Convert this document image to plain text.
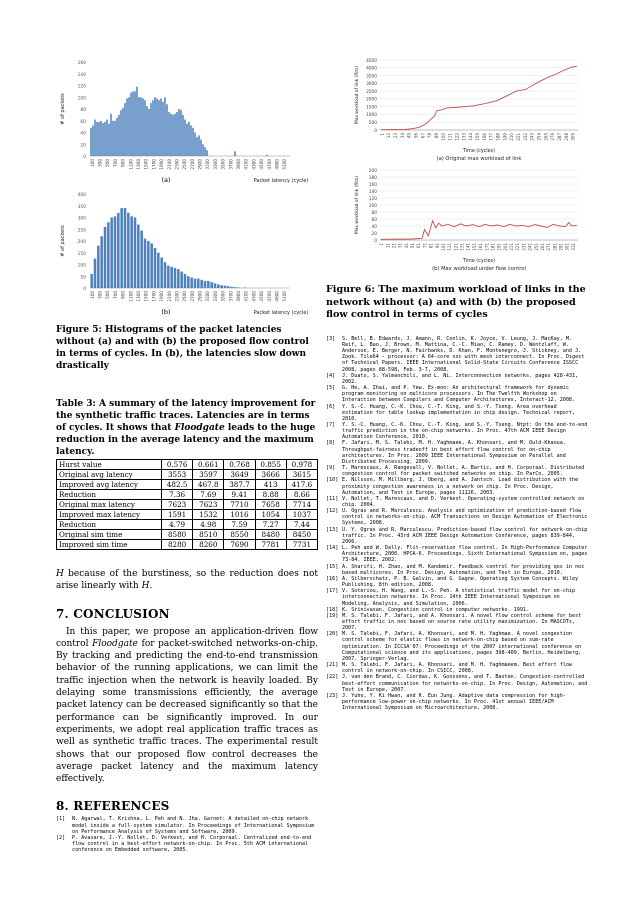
0
20
40
60
80
100
120
140
160
100 300 500 700 900 1100 1300 1500 1700 1900 2100 2300 2500 2700 2900 3100 3300 3500 3700 3900 4100 4300 4500 4700 4900 5100
# of packets
(a)	Packet latency (cycle)
0
50
100
150
200
250
300
350
400
100 300 500 700 900 1100 1300 1500 1700 1900 2100 2300 2500 2700 2900 3100 3300 3500 3700 3900 4100 4300 4500 4700 4900 5100
# of packets
(b)	Packet latency (cycle)

Figure 5: Histograms of the packet latencies without (a) and with (b) the proposed flow control in terms of cycles. In (b), the latencies slow down drastically

Table 3: A summary of the latency improvement for the synthetic traffic traces. Latencies are in terms of cycles. It shows that Floodgate leads to the huge reduction in the average latency and the maximum latency.

Hurst value	0.576	0.661	0.768	0.855	0.978
Original avg latency	3553	3597	3649	3666	3615
Improved avg latency	482.5	467.8	387.7	413	417.6
Reduction	7.36	7.69	9.41	8.88	8.66
Original max latency	7623	7623	7710	7658	7714
Improved max latency	1591	1532	1016	1054	1037
Reduction	4.79	4.98	7.59	7.27	7.44
Original sim time	8580	8510	8550	8480	8450
Improved sim time	8280	8260	7690	7781	7731

H because of the burstiness, so the reduction does not arise linearly with H.

7. CONCLUSION

In this paper, we propose an application-driven flow control Floodgate for packet-switched networks-on-chip. By tracking and predicting the end-to-end transmission behavior of the running applications, we can limit the traffic injection when the network is heavily loaded. By delaying some transmissions efficiently, the average packet latency can be decreased significantly so that the performance can be significantly improved. In our experiments, we adopt real application traffic traces as well as synthetic traffic traces. The experimental result shows that our proposed flow control decreases the average packet latency and the maximum latency effectively.

8. REFERENCES

[1]	N. Agarwal, T. Krishna, L. Peh and N. Jha. Garnet: A detailed on-chip network model inside a full-system simulator. In Proceedings of International Symposium on Performance Analysis of Systems and Software, 2009.
[2]	P. Avasare, J.-Y. Nollet, D. Verkest, and H. Corporaal. Centralized end-to-end flow control in a best-effort network-on-chip. In Proc. 5th ACM international conference on Embedded software, 2005.
0
500
1000
1500
2000
2500
3000
3500
4000
4500
1 12 23 34 45 56 67 78 89 100 111 122 133 144 155 166 177 188 199 210 221 232 243 254 265 276 287 298 309
Max workload of link (flits)
Time (cycles)
(a) Original max workload of link
0
20
40
60
80
100
120
140
160
180
200
1 11 21 31 41 51 61 71 81 91 101 111 121 131 141 151 161 171 181 191 201 211 221 231 241 251 261 271 281 291 301 311
Max workload of link (flits)
Time (cycles)
(b) Max workload under flow control

Figure 6: The maximum workload of links in the network without (a) and with (b) the proposed flow control in terms of cycles

[3]	S. Bell, B. Edwards, J. Amann, R. Conlin, K. Joyce, V. Leung, J. MacKay, M. Reif, L. Bao, J. Brown, M. Mattina, C.-C. Miao, C. Ramey, D. Wentzlaff, W. Anderson, E. Berger, N. Fairbanks, D. Khan, F. Montenegro, J. Stickney, and J. Zook. Tile64 - processor: A 64-core soc with mesh interconnect. In Proc. Digest of Technical Papers. IEEE International Solid-State Circuits Conference ISSCC 2008, pages 88-598, Feb. 3-7, 2008.
[4]	J. Duato, S. Yalmanchili, and L. Ni. Interconnection networks. pages 428-431, 2002.
[5]	G. He, A. Zhai, and P. Yew. Ex-mon: An architectural framework for dynamic program monitoring on multicore processors. In The Twelfth Workshop on Interaction between Compilers and Computer Architectures, Interact-12, 2008.
[6]	Y. S.-C. Huang, C.-K. Chou, C.-T. King, and S.-Y. Tseng. Area overhead estimation for table lookup implementation in chip design. Technical report, 2010.
[7]	Y. S.-C. Huang, C.-K. Chou, C.-T. King, and S.-Y. Tseng. Ntpt: On the end-to-end traffic prediction in the on-chip networks. In Proc. 47th ACM IEEE Design Automation Conference, 2010.
[8]	F. Jafari, M. S. Talebi, M. H. Yaghmaee, A. Khonsari, and M. Ould-Khaoua. Throughput-fairness tradeoff in best effort flow control for on-chip architectures. In Proc. 2009 IEEE International Symposium on Parallel and Distributed Processing, 2009.
[9]	T. Marescaux, A. Rangevall, V. Nollet, A. Bartic, and H. Corporaal. Distributed congestion control for packet switched networks on chip. In ParCo, 2005.
[10] E. Nilsson, M. Millberg, J. Oberg, and A. Jantsch. Load distribution with the proximity congestion awareness in a network on chip. In Proc. Design, Automation, and Test in Europe, pages 11126, 2003.
[11] V. Nollet, T. Marescaux, and D. Verkest. Operating-system controlled network on chip. 2004.
[12] U. Ogras and R. Marculescu. Analysis and optimization of prediction-based flow control in networks-on-chip. ACM Transactions on Design Automation of Electronic Systems, 2008.
[13] U. Y. Ogras and R. Marculescu. Prediction-based flow control for network-on-chip traffic. In Proc. 43rd ACM IEEE Design Automation Conference, pages 839-844, 2006.
[14] L. Peh and W. Dally. Flit-reservation flow control. In High-Performance Computer Architecture, 2000. HPCA-6. Proceedings. Sixth International Symposium on, pages 73-84. IEEE, 2002.
[15] A. Sharifi, H. Zhao, and M. Kandemir. Feedback control for providing qos in noc based multicores. In Proc. Design, Automation, and Test in Europe, 2010.
[16] A. Silberschatz, P. B. Galvin, and G. Gagne. Operating System Concepts. Wiley Publishing, 8th edition, 2008.
[17] V. Soteriou, H. Wang, and L.-S. Peh. A statistical traffic model for on-chip interconnection networks. In Proc. 14th IEEE International Symposium on Modeling, Analysis, and Simulation, 2006.
[18] K. Srinivasan. Congestion control in computer networks. 1991.
[19] M. S. Talebi, F. Jafari, and A. Khonsari. A novel flow control scheme for best effort traffic in noc based on source rate utility maximization. In MASCOTs, 2007.
[20] M. S. Talebi, F. Jafari, A. Khonsari, and M. H. Yaghmae. A novel congestion control scheme for elastic flows in network-on-chip based on sum-rate optimization. In ICCSA'07: Proceedings of the 2007 international conference on Computational science and its applications, pages 398-409, Berlin, Heidelberg, 2007. Springer-Verlag.
[21] M. S. Talebi, F. Jafari, A. Khonsari, and M. H. Yaghmaeem. Best effort flow control in network-on-chip. In CSICC, 2008.
[22] J. van den Brand, C. Ciordas, K. Goossens, and T. Basten. Congestion-controlled best-effort communication for networks-on-chip. In Proc. Design, Automation, and Test in Europe, 2007.
[23] J. Yuho, Y. Ki Hwan, and K. Eun Jung. Adaptive data compression for high-performance low-power on-chip networks. In Proc. 41st annual IEEE/ACM International Symposium on Microarchitecture, 2008.
